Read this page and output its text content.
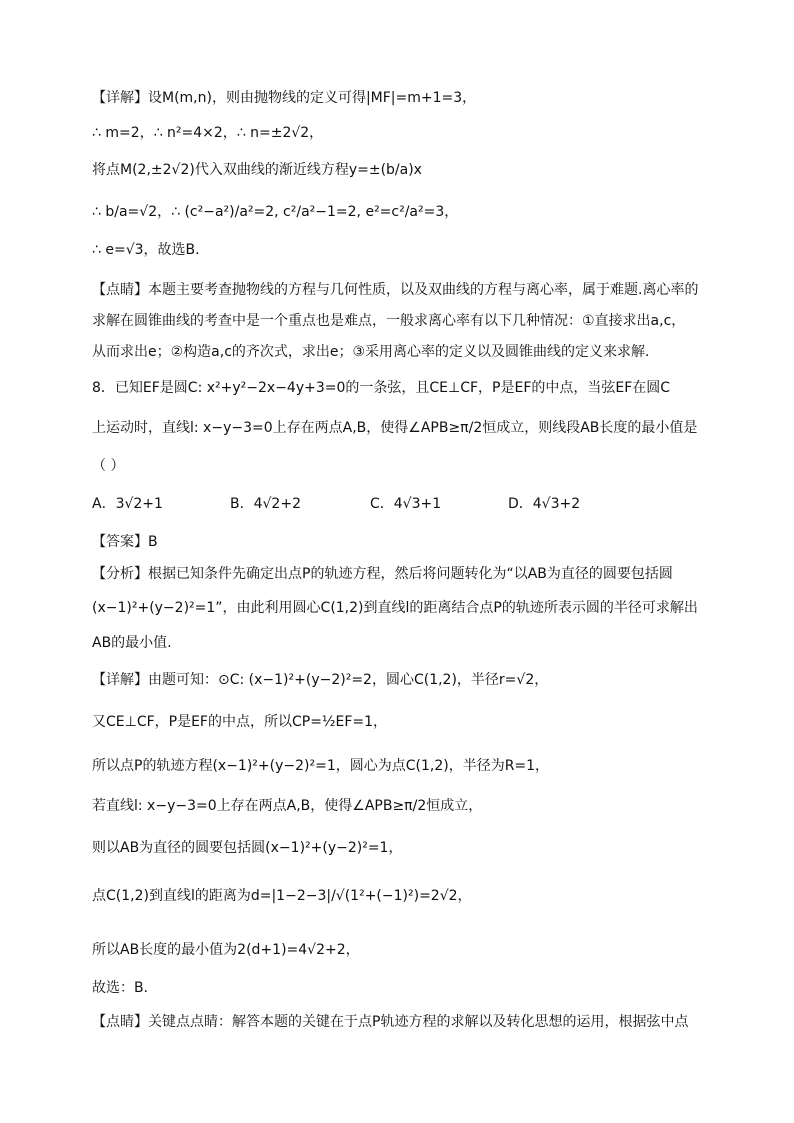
【详解】设M(m,n)，则由抛物线的定义可得|MF|=m+1=3，
∴ m=2，∴ n²=4×2，∴ n=±2√2，
将点M(2,±2√2)代入双曲线的渐近线方程y=±(b/a)x
∴ b/a=√2，∴ (c²−a²)/a²=2, c²/a²−1=2, e²=c²/a²=3，
∴ e=√3，故选B.
【点睛】本题主要考查抛物线的方程与几何性质，以及双曲线的方程与离心率，属于难题.离心率的
求解在圆锥曲线的考查中是一个重点也是难点，一般求离心率有以下几种情况：①直接求出a,c，
从而求出e；②构造a,c的齐次式，求出e；③采用离心率的定义以及圆锥曲线的定义来求解．
8．已知EF是圆C: x²+y²−2x−4y+3=0的一条弦，且CE⊥CF，P是EF的中点，当弦EF在圆C
上运动时，直线l: x−y−3=0上存在两点A,B，使得∠APB≥π/2恒成立，则线段AB长度的最小值是
（ ）
A．3√2+1	B．4√2+2	C．4√3+1	D．4√3+2
【答案】B
【分析】根据已知条件先确定出点P的轨迹方程，然后将问题转化为“以AB为直径的圆要包括圆
(x−1)²+(y−2)²=1”，由此利用圆心C(1,2)到直线l的距离结合点P的轨迹所表示圆的半径可求解出
AB的最小值.
【详解】由题可知：⊙C: (x−1)²+(y−2)²=2，圆心C(1,2)，半径r=√2，
又CE⊥CF，P是EF的中点，所以CP=½EF=1，
所以点P的轨迹方程(x−1)²+(y−2)²=1，圆心为点C(1,2)，半径为R=1，
若直线l: x−y−3=0上存在两点A,B，使得∠APB≥π/2恒成立，
则以AB为直径的圆要包括圆(x−1)²+(y−2)²=1，
点C(1,2)到直线l的距离为d=|1−2−3|/√(1²+(−1)²)=2√2，
所以AB长度的最小值为2(d+1)=4√2+2，
故选：B．
【点睛】关键点点睛：解答本题的关键在于点P轨迹方程的求解以及转化思想的运用，根据弦中点
